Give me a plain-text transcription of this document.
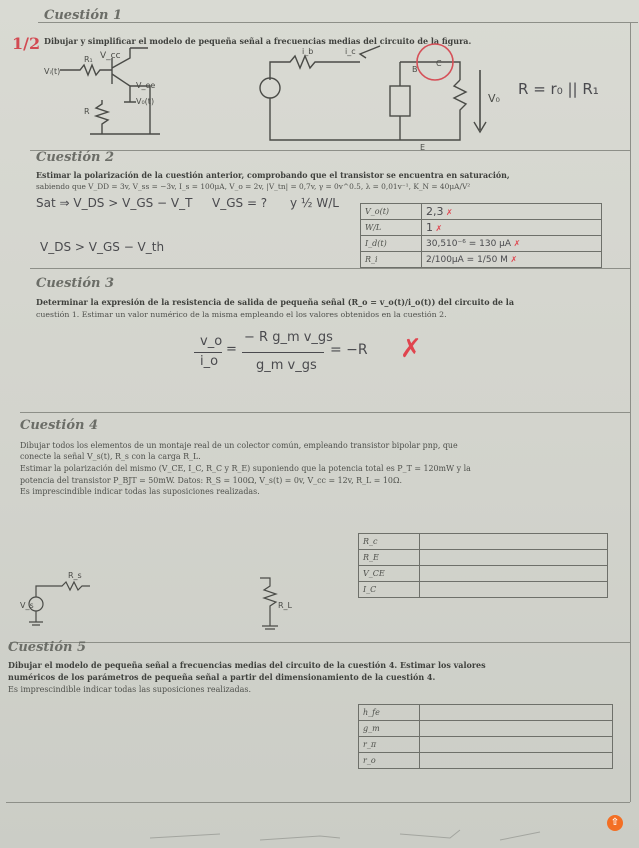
1/2
Cuestión 1
Dibujar y simplificar el modelo de pequeña señal a frecuencias medias del circuito de la figura.
V_cc
Vᵢ(t)
R₁
R
V₀(t)
V_ee
i_b	i_c
B
C
E
V₀
R = r₀ || R₁
Cuestión 2
Estimar la polarización de la cuestión anterior, comprobando que el transistor se encuentra en saturación,
sabiendo que V_DD = 3v, V_ss = −3v, I_s = 100μA, V_o = 2v, |V_tn| = 0,7v, γ = 0v^0.5, λ = 0,01v⁻¹, K_N = 40μA/V²
Sat ⇒ V_DS > V_GS − V_T V_GS = ? y ½ W/L
V_DS > V_GS − V_th
V_o(t)	2,3 ✗
W/L	1 ✗
I_d(t)	30,510⁻⁶ = 130 μA ✗
R_i	2/100μA = 1/50 M ✗
Cuestión 3
Determinar la expresión de la resistencia de salida de pequeña señal (R_o = v_o(t)/i_o(t)) del circuito de la
cuestión 1. Estimar un valor numérico de la misma empleando el los valores obtenidos en la cuestión 2.
v_o
i_o
=
− R g_m v_gs
g_m v_gs
= −R ✗
Cuestión 4
Dibujar todos los elementos de un montaje real de un colector común, empleando transistor bipolar pnp, que
conecte la señal V_s(t), R_s con la carga R_L.
Estimar la polarización del mismo (V_CE, I_C, R_C y R_E) suponiendo que la potencia total es P_T = 120mW y la
potencia del transistor P_BJT = 50mW. Datos: R_S = 100Ω, V_s(t) = 0v, V_cc = 12v, R_L = 10Ω.
Es imprescindible indicar todas las suposiciones realizadas.
R_s
V_s	R_L
R_c	
R_E	
V_CE	
I_C	
Cuestión 5
Dibujar el modelo de pequeña señal a frecuencias medias del circuito de la cuestión 4. Estimar los valores
numéricos de los parámetros de pequeña señal a partir del dimensionamiento de la cuestión 4.
Es imprescindible indicar todas las suposiciones realizadas.
h_fe	
g_m	
r_π	
r_o	
⇧
